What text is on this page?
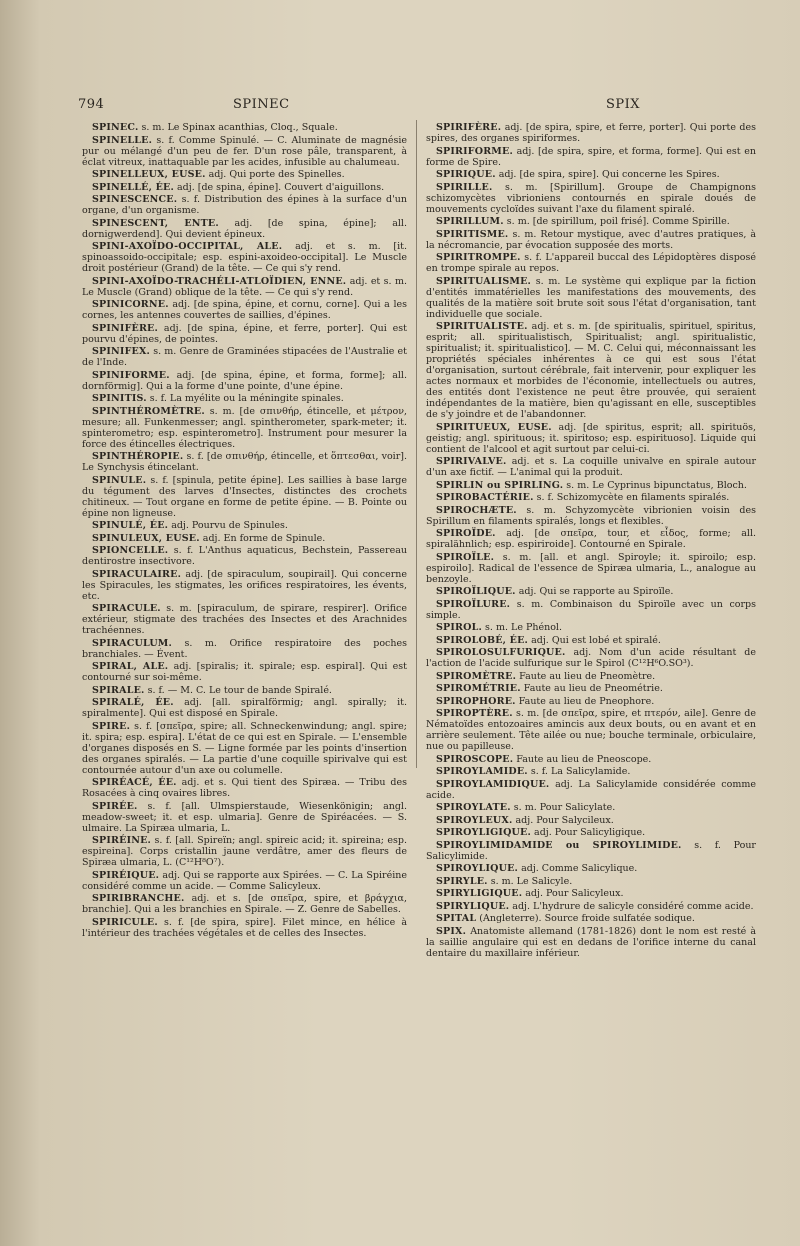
794	SPINEC	SPIX

SPINEC. s. m. Le Spinax acanthias, Cloq., Squale.

SPINELLE. s. f. Comme Spinulé. — C. Aluminate de magnésie pur ou mélangé d'un peu de fer. D'un rose pâle, transparent, à éclat vitreux, inattaquable par les acides, infusible au chalumeau.

SPINELLEUX, EUSE. adj. Qui porte des Spinelles.

SPINELLÉ, ÉE. adj. [de spina, épine]. Couvert d'aiguillons.

SPINESCENCE. s. f. Distribution des épines à la surface d'un organe, d'un organisme.

SPINESCENT, ENTE. adj. [de spina, épine]; all. dornigwerdend]. Qui devient épineux.

SPINI-AXOÏDO-OCCIPITAL, ALE. adj. et s. m. [it. spinoassoido-occipitale; esp. espini-axoideo-occipital]. Le Muscle droit postérieur (Grand) de la tête. — Ce qui s'y rend.

SPINI-AXOÏDO-TRACHÉLI-ATLOÏDIEN, ENNE. adj. et s. m. Le Muscle (Grand) oblique de la tête. — Ce qui s'y rend.

SPINICORNE. adj. [de spina, épine, et cornu, corne]. Qui a les cornes, les antennes couvertes de saillies, d'épines.

SPINIFÈRE. adj. [de spina, épine, et ferre, porter]. Qui est pourvu d'épines, de pointes.

SPINIFEX. s. m. Genre de Graminées stipacées de l'Australie et de l'Inde.

SPINIFORME. adj. [de spina, épine, et forma, forme]; all. dornförmig]. Qui a la forme d'une pointe, d'une épine.

SPINITIS. s. f. La myélite ou la méningite spinales.

SPINTHÉROMÈTRE. s. m. [de σπινθήρ, étincelle, et μέτρον, mesure; all. Funkenmesser; angl. spintherometer, spark-meter; it. spinterometro; esp. espinterometro]. Instrument pour mesurer la force des étincelles électriques.

SPINTHÉROPIE. s. f. [de σπινθήρ, étincelle, et ὅπτεσθαι, voir]. Le Synchysis étincelant.

SPINULE. s. f. [spinula, petite épine]. Les saillies à base large du tégument des larves d'Insectes, distinctes des crochets chitineux. — Tout organe en forme de petite épine. — B. Pointe ou épine non ligneuse.

SPINULÉ, ÉE. adj. Pourvu de Spinules.

SPINULEUX, EUSE. adj. En forme de Spinule.

SPIONCELLE. s. f. L'Anthus aquaticus, Bechstein, Passereau dentirostre insectivore.

SPIRACULAIRE. adj. [de spiraculum, soupirail]. Qui concerne les Spiracules, les stigmates, les orifices respiratoires, les évents, etc.

SPIRACULE. s. m. [spiraculum, de spirare, respirer]. Orifice extérieur, stigmate des trachées des Insectes et des Arachnides trachéennes.

SPIRACULUM. s. m. Orifice respiratoire des poches branchiales. — Évent.

SPIRAL, ALE. adj. [spiralis; it. spirale; esp. espiral]. Qui est contourné sur soi-même.

SPIRALE. s. f. — M. C. Le tour de bande Spiralé.

SPIRALÉ, ÉE. adj. [all. spiralförmig; angl. spirally; it. spiralmente]. Qui est disposé en Spirale.

SPIRE. s. f. [σπεῖρα, spire; all. Schneckenwindung; angl. spire; it. spira; esp. espira]. L'état de ce qui est en Spirale. — L'ensemble d'organes disposés en S. — Ligne formée par les points d'insertion des organes spiralés. — La partie d'une coquille spirivalve qui est contournée autour d'un axe ou columelle.

SPIRÉACÉ, ÉE. adj. et s. Qui tient des Spiræa. — Tribu des Rosacées à cinq ovaires libres.

SPIRÉE. s. f. [all. Ulmspierstaude, Wiesenkönigin; angl. meadow-sweet; it. et esp. ulmaria]. Genre de Spiréacées. — S. ulmaire. La Spiræa ulmaria, L.

SPIRÉINE. s. f. [all. Spireïn; angl. spireic acid; it. spireina; esp. espireina]. Corps cristallin jaune verdâtre, amer des fleurs de Spiræa ulmaria, L. (C¹²H⁸O⁷).

SPIRÉIQUE. adj. Qui se rapporte aux Spirées. — C. La Spiréine considéré comme un acide. — Comme Salicyleux.

SPIRIBRANCHE. adj. et s. [de σπεῖρα, spire, et βράγχια, branchie]. Qui a les branchies en Spirale. — Z. Genre de Sabelles.

SPIRICULE. s. f. [de spira, spire]. Filet mince, en hélice à l'intérieur des trachées végétales et de celles des Insectes.

SPIRIFÈRE. adj. [de spira, spire, et ferre, porter]. Qui porte des spires, des organes spiriformes.

SPIRIFORME. adj. [de spira, spire, et forma, forme]. Qui est en forme de Spire.

SPIRIQUE. adj. [de spira, spire]. Qui concerne les Spires.

SPIRILLE. s. m. [Spirillum]. Groupe de Champignons schizomycètes vibrioniens contournés en spirale doués de mouvements cycloïdes suivant l'axe du filament spiralé.

SPIRILLUM. s. m. [de spirillum, poil frisé]. Comme Spirille.

SPIRITISME. s. m. Retour mystique, avec d'autres pratiques, à la nécromancie, par évocation supposée des morts.

SPIRITROMPE. s. f. L'appareil buccal des Lépidoptères disposé en trompe spirale au repos.

SPIRITUALISME. s. m. Le système qui explique par la fiction d'entités immatérielles les manifestations des mouvements, des qualités de la matière soit brute soit sous l'état d'organisation, tant individuelle que sociale.

SPIRITUALISTE. adj. et s. m. [de spiritualis, spirituel, spiritus, esprit; all. spiritualistisch, Spiritualist; angl. spiritualistic, spiritualist; it. spiritualistico]. — M. C. Celui qui, méconnaissant les propriétés spéciales inhérentes à ce qui est sous l'état d'organisation, surtout cérébrale, fait intervenir, pour expliquer les actes normaux et morbides de l'économie, intellectuels ou autres, des entités dont l'existence ne peut être prouvée, qui seraient indépendantes de la matière, bien qu'agissant en elle, susceptibles de s'y joindre et de l'abandonner.

SPIRITUEUX, EUSE. adj. [de spiritus, esprit; all. spirituös, geistig; angl. spirituous; it. spiritoso; esp. espirituoso]. Liquide qui contient de l'alcool et agit surtout par celui-ci.

SPIRIVALVE. adj. et s. La coquille univalve en spirale autour d'un axe fictif. — L'animal qui la produit.

SPIRLIN ou SPIRLING. s. m. Le Cyprinus bipunctatus, Bloch.

SPIROBACTÉRIE. s. f. Schizomycète en filaments spiralés.

SPIROCHÆTE. s. m. Schyzomycète vibrionien voisin des Spirillum en filaments spiralés, longs et flexibles.

SPIROÏDE. adj. [de σπεῖρα, tour, et εἶδος, forme; all. spiralähnlich; esp. espiriroide]. Contourné en Spirale.

SPIROÏLE. s. m. [all. et angl. Spiroyle; it. spiroilo; esp. espiroilo]. Radical de l'essence de Spiræa ulmaria, L., analogue au benzoyle.

SPIROÏLIQUE. adj. Qui se rapporte au Spiroïle.

SPIROÏLURE. s. m. Combinaison du Spiroïle avec un corps simple.

SPIROL. s. m. Le Phénol.

SPIROLOBÉ, ÉE. adj. Qui est lobé et spiralé.

SPIROLOSULFURIQUE. adj. Nom d'un acide résultant de l'action de l'acide sulfurique sur le Spirol (C¹²H⁶O.SO³).

SPIROMÈTRE. Faute au lieu de Pneomètre.

SPIROMÉTRIE. Faute au lieu de Pneométrie.

SPIROPHORE. Faute au lieu de Pneophore.

SPIROPTÈRE. s. m. [de σπεῖρα, spire, et πτερόν, aile]. Genre de Nématoïdes entozoaires amincis aux deux bouts, ou en avant et en arrière seulement. Tête ailée ou nue; bouche terminale, orbiculaire, nue ou papilleuse.

SPIROSCOPE. Faute au lieu de Pneoscope.

SPIROYLAMIDE. s. f. La Salicylamide.

SPIROYLAMIDIQUE. adj. La Salicylamide considérée comme acide.

SPIROYLATE. s. m. Pour Salicylate.

SPIROYLEUX. adj. Pour Salycileux.

SPIROYLIGIQUE. adj. Pour Salicyligique.

SPIROYLIMIDAMIDE ou SPIROYLIMIDE. s. f. Pour Salicylimide.

SPIROYLIQUE. adj. Comme Salicylique.

SPIRYLE. s. m. Le Salicyle.

SPIRYLIGIQUE. adj. Pour Salicyleux.

SPIRYLIQUE. adj. L'hydrure de salicyle considéré comme acide.

SPITAL (Angleterre). Source froide sulfatée sodique.

SPIX. Anatomiste allemand (1781-1826) dont le nom est resté à la saillie angulaire qui est en dedans de l'orifice interne du canal dentaire du maxillaire inférieur.
